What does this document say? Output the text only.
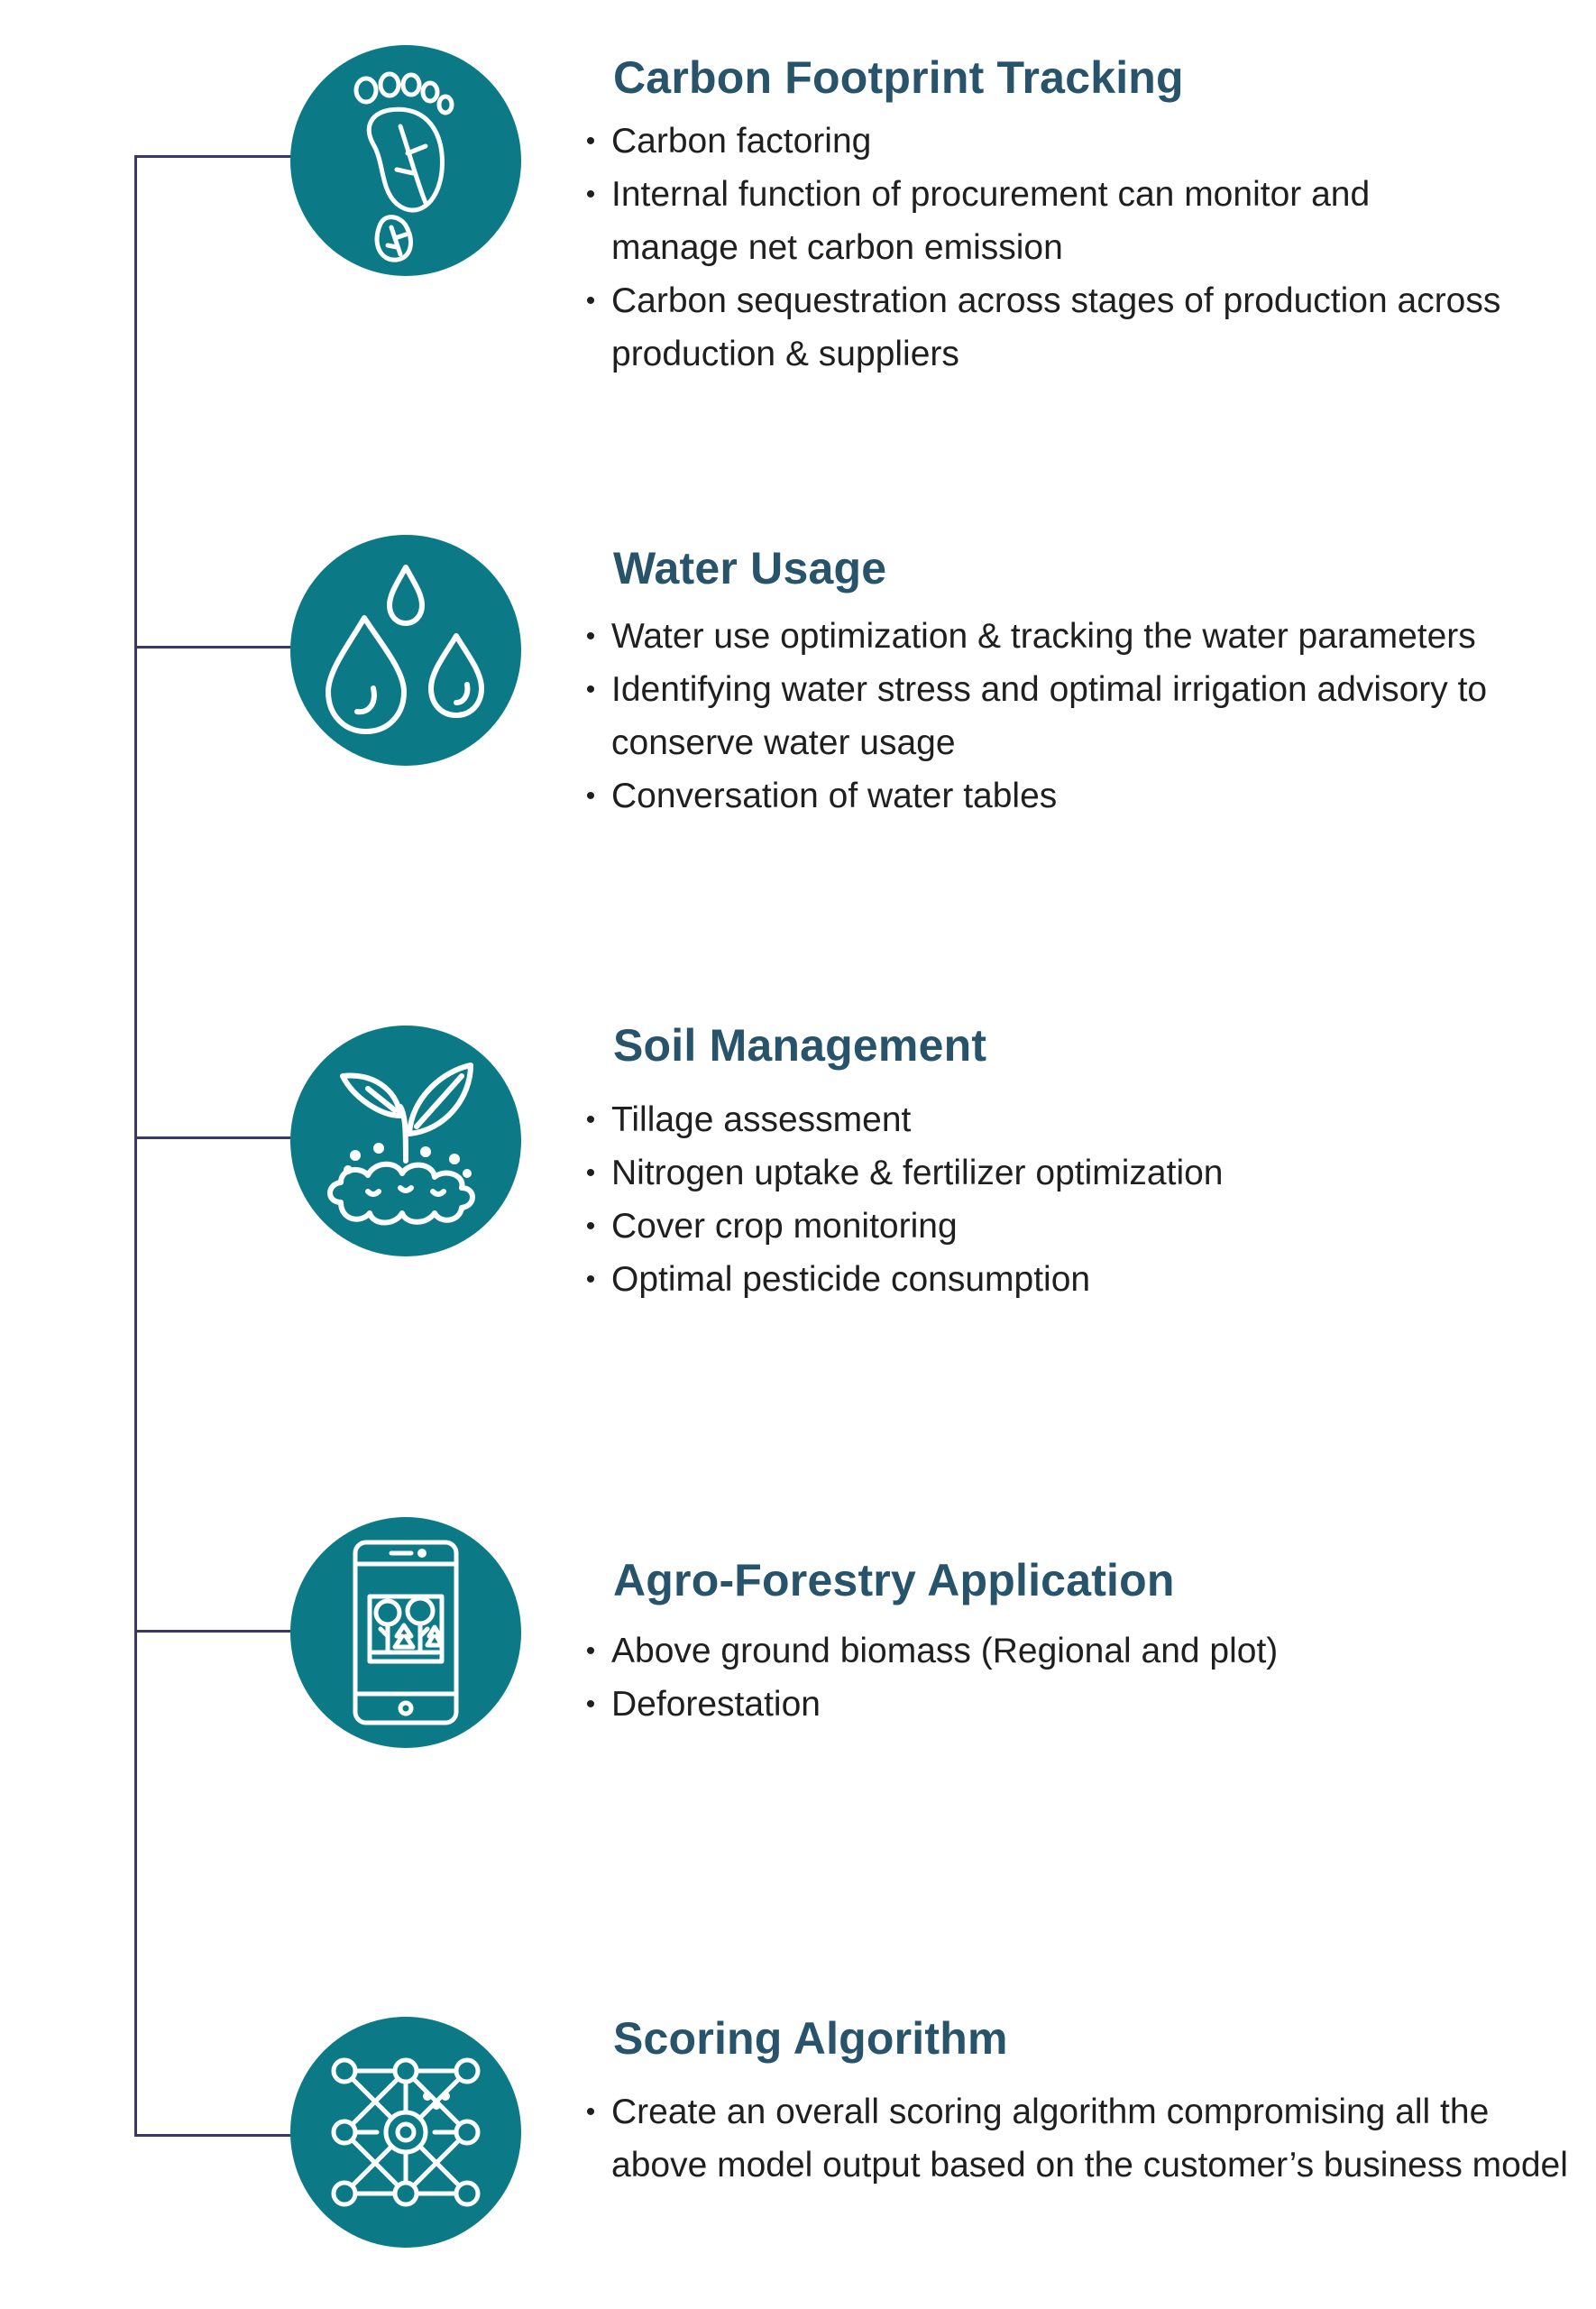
Carbon Footprint Tracking
• Carbon factoring
• Internal function of procurement can monitor and manage net carbon emission
• Carbon sequestration across stages of production across production & suppliers
Water Usage
• Water use optimization & tracking the water parameters
• Identifying water stress and optimal irrigation advisory to conserve water usage
• Conversation of water tables
Soil Management
• Tillage assessment
• Nitrogen uptake & fertilizer optimization
• Cover crop monitoring
• Optimal pesticide consumption
Agro-Forestry Application
• Above ground biomass (Regional and plot)
• Deforestation
Scoring Algorithm
• Create an overall scoring algorithm compromising all the above model output based on the customer’s business model
